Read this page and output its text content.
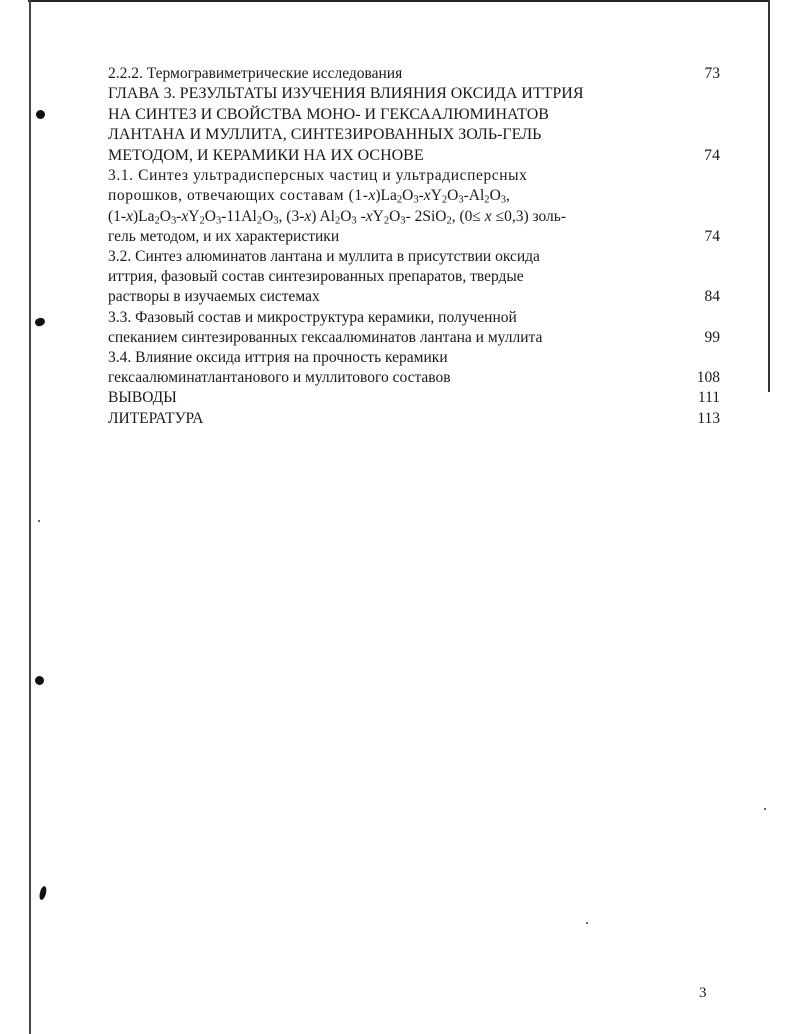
2.2.2. Термогравиметрические исследования	73
ГЛАВА 3. РЕЗУЛЬТАТЫ ИЗУЧЕНИЯ ВЛИЯНИЯ ОКСИДА ИТТРИЯ
НА СИНТЕЗ И СВОЙСТВА МОНО- И ГЕКСААЛЮМИНАТОВ
ЛАНТАНА И МУЛЛИТА, СИНТЕЗИРОВАННЫХ ЗОЛЬ-ГЕЛЬ
МЕТОДОМ, И КЕРАМИКИ НА ИХ ОСНОВЕ	74
3.1. Синтез ультрадисперсных частиц и ультрадисперсных
порошков, отвечающих составам $(1-x)La_2O_3-xY_2O_3-Al_2O_3$,
$(1-x)La_2O_3-xY_2O_3-11Al_2O_3$, (3-x) $Al_2O_3$ $-xY_2O_3-$ 2SiO$_2$, (0≤ x ≤0,3) золь-
гель методом, и их характеристики	74
3.2. Синтез алюминатов лантана и муллита в присутствии оксида
иттрия, фазовый состав синтезированных препаратов, твердые
растворы в изучаемых системах	84
3.3. Фазовый состав и микроструктура керамики, полученной
спеканием синтезированных гексаалюминатов лантана и муллита	99
3.4. Влияние оксида иттрия на прочность керамики
гексаалюминатлантанового и муллитового составов	108
ВЫВОДЫ	111
ЛИТЕРАТУРА	113
3
